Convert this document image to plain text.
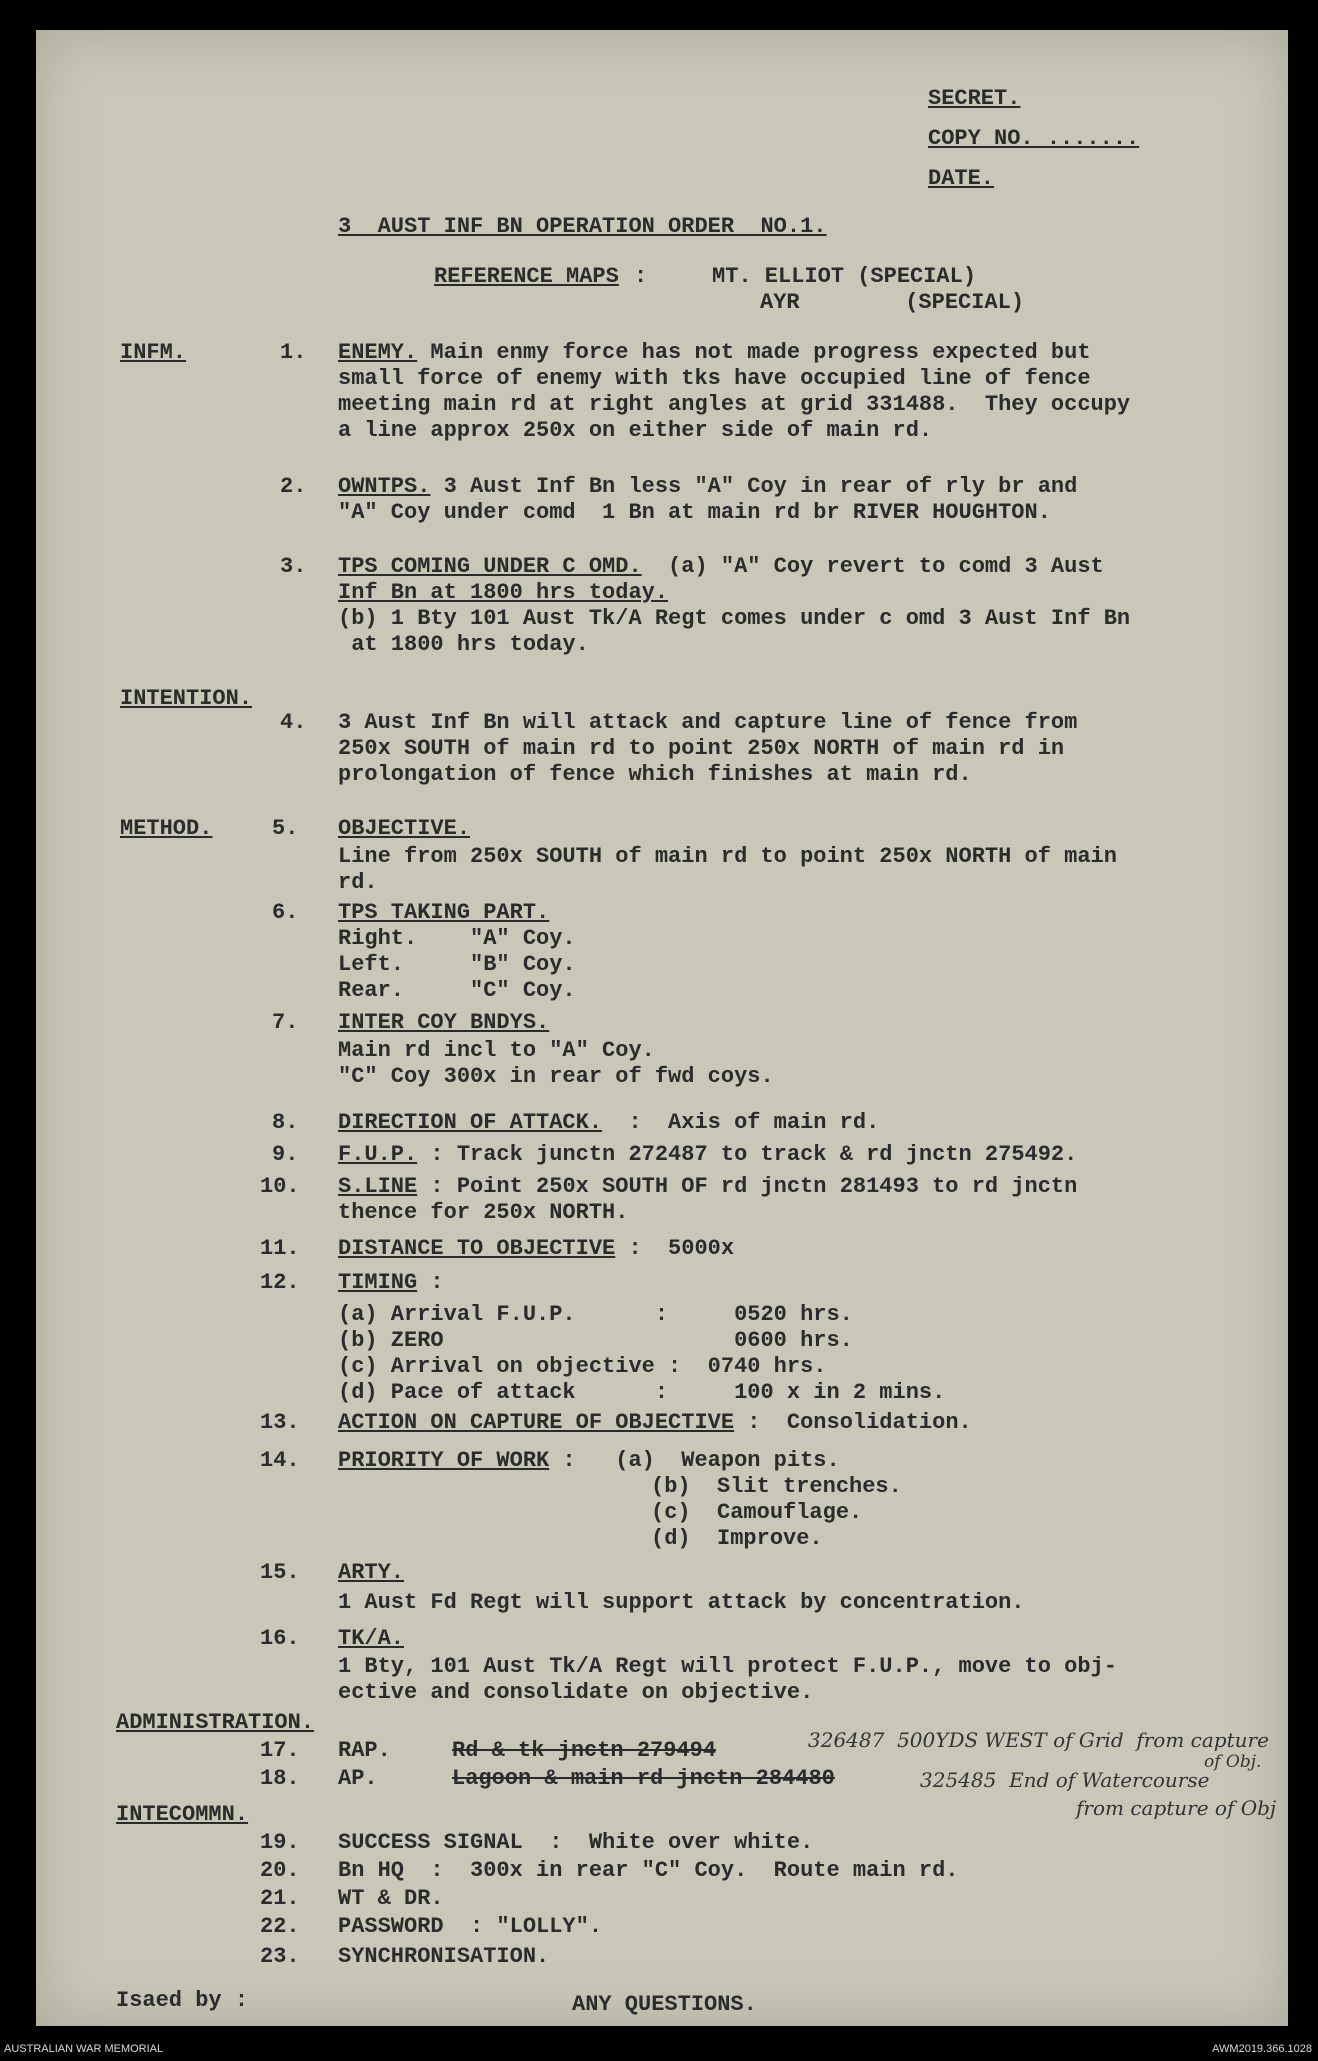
SECRET.
COPY NO. .......
DATE.
3  AUST INF BN OPERATION ORDER  NO.1.
REFERENCE MAPS :	MT. ELLIOT (SPECIAL)
AYR        (SPECIAL)
INFM.	1. ENEMY. Main enmy force has not made progress expected but
small force of enemy with tks have occupied line of fence
meeting main rd at right angles at grid 331488.  They occupy
a line approx 250x on either side of main rd.
2. OWNTPS. 3 Aust Inf Bn less "A" Coy in rear of rly br and
"A" Coy under comd  1 Bn at main rd br RIVER HOUGHTON.
3. TPS COMING UNDER C OMD.  (a) "A" Coy revert to comd 3 Aust
Inf Bn at 1800 hrs today.
(b) 1 Bty 101 Aust Tk/A Regt comes under c omd 3 Aust Inf Bn
at 1800 hrs today.
INTENTION.
4. 3 Aust Inf Bn will attack and capture line of fence from
250x SOUTH of main rd to point 250x NORTH of main rd in
prolongation of fence which finishes at main rd.
METHOD.	5. OBJECTIVE.
Line from 250x SOUTH of main rd to point 250x NORTH of main
rd.
6. TPS TAKING PART.
Right.    "A" Coy.
Left.     "B" Coy.
Rear.     "C" Coy.
7. INTER COY BNDYS.
Main rd incl to "A" Coy.
"C" Coy 300x in rear of fwd coys.
8. DIRECTION OF ATTACK.  :  Axis of main rd.
9. F.U.P. : Track junctn 272487 to track & rd jnctn 275492.
10. S.LINE : Point 250x SOUTH OF rd jnctn 281493 to rd jnctn
thence for 250x NORTH.
11. DISTANCE TO OBJECTIVE :  5000x
12. TIMING :
(a) Arrival F.U.P.      :     0520 hrs.
(b) ZERO                      0600 hrs.
(c) Arrival on objective :  0740 hrs.
(d) Pace of attack      :     100 x in 2 mins.
13. ACTION ON CAPTURE OF OBJECTIVE :  Consolidation.
14. PRIORITY OF WORK :   (a)  Weapon pits.
(b)  Slit trenches.
(c)  Camouflage.
(d)  Improve.
15. ARTY.
1 Aust Fd Regt will support attack by concentration.
16. TK/A.
1 Bty, 101 Aust Tk/A Regt will protect F.U.P., move to obj-
ective and consolidate on objective.
ADMINISTRATION.
17. RAP.	Rd & tk jnctn 279494	326487  500YDS WEST of Grid  from capture
of Obj.
18. AP.	Lagoon & main rd jnctn 284480	325485  End of Watercourse
from capture of Obj
INTECOMMN.
19. SUCCESS SIGNAL  :  White over white.
20. Bn HQ  :  300x in rear "C" Coy.  Route main rd.
21. WT & DR.
22. PASSWORD  : "LOLLY".
23. SYNCHRONISATION.
Isaed by :	ANY QUESTIONS.
AUSTRALIAN WAR MEMORIAL	AWM2019.366.1028
